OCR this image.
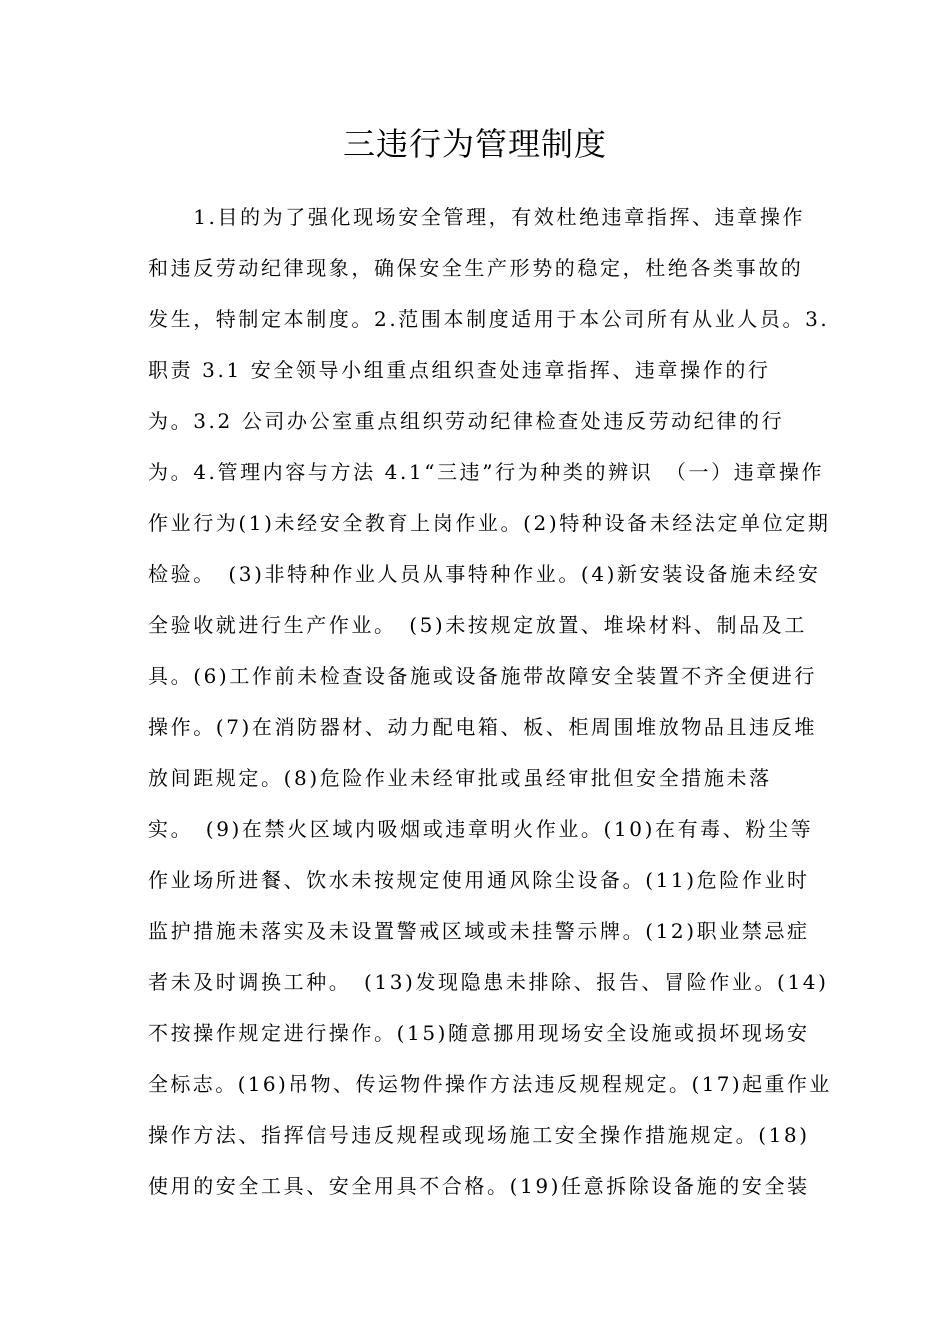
三违行为管理制度
　　1.目的为了强化现场安全管理，有效杜绝违章指挥、违章操作
和违反劳动纪律现象，确保安全生产形势的稳定，杜绝各类事故的
发生，特制定本制度。2.范围本制度适用于本公司所有从业人员。3.
职责 3.1 安全领导小组重点组织查处违章指挥、违章操作的行
为。3.2 公司办公室重点组织劳动纪律检查处违反劳动纪律的行
为。4.管理内容与方法 4.1“三违”行为种类的辨识　（一）违章操作
作业行为(1)未经安全教育上岗作业。(2)特种设备未经法定单位定期
检验。　(3)非特种作业人员从事特种作业。(4)新安装设备施未经安
全验收就进行生产作业。　(5)未按规定放置、堆垛材料、制品及工
具。(6)工作前未检查设备施或设备施带故障安全装置不齐全便进行
操作。(7)在消防器材、动力配电箱、板、柜周围堆放物品且违反堆
放间距规定。(8)危险作业未经审批或虽经审批但安全措施未落
实。　(9)在禁火区域内吸烟或违章明火作业。(10)在有毒、粉尘等
作业场所进餐、饮水未按规定使用通风除尘设备。(11)危险作业时
监护措施未落实及未设置警戒区域或未挂警示牌。(12)职业禁忌症
者未及时调换工种。　(13)发现隐患未排除、报告、冒险作业。(14)
不按操作规定进行操作。(15)随意挪用现场安全设施或损坏现场安
全标志。(16)吊物、传运物件操作方法违反规程规定。(17)起重作业
操作方法、指挥信号违反规程或现场施工安全操作措施规定。(18)
使用的安全工具、安全用具不合格。(19)任意拆除设备施的安全装
